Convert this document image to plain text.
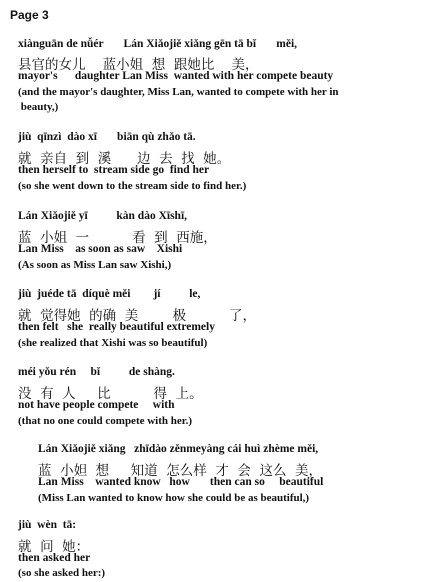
Page 3
xiànguān de nǚér       Lán Xiǎojiě xiǎng gēn tā bǐ       měi,
县官的女儿    蓝小姐  想  跟她比    美，
mayor's      daughter Lan Miss  wanted with her compete beauty
(and the mayor's daughter, Miss Lan, wanted to compete with her in
beauty,)
jiù  qīnzì  dào xī       biān qù zhǎo tā.
就  亲自  到  溪      边  去  找  她。
then herself to  stream side go  find her
(so she went down to the stream side to find her.)
Lán Xiǎojiě yī          kàn dào Xīshī,
蓝  小姐  一          看  到  西施，
Lan Miss    as soon as saw    Xishi
(As soon as Miss Lan saw Xishi,)
jiù  juéde tā  díquè měi        jí          le,
就  觉得她  的确  美        极          了，
then felt   she  really beautiful extremely
(she realized that Xishi was so beautiful)
méi yǒu rén     bǐ          de shàng.
没  有  人     比          得  上。
not have people compete     with
(that no one could compete with her.)
Lán Xiǎojiě xiǎng   zhīdào zěnmeyàng cái huì zhème měi,
蓝  小妲  想     知道  怎么样  才  会  这么  美，
Lan Miss    wanted know   how       then can so     beautiful
(Miss Lan wanted to know how she could be as beautiful,)
jiù  wèn  tā:
就  问  她：
then asked her
(so she asked her:)
